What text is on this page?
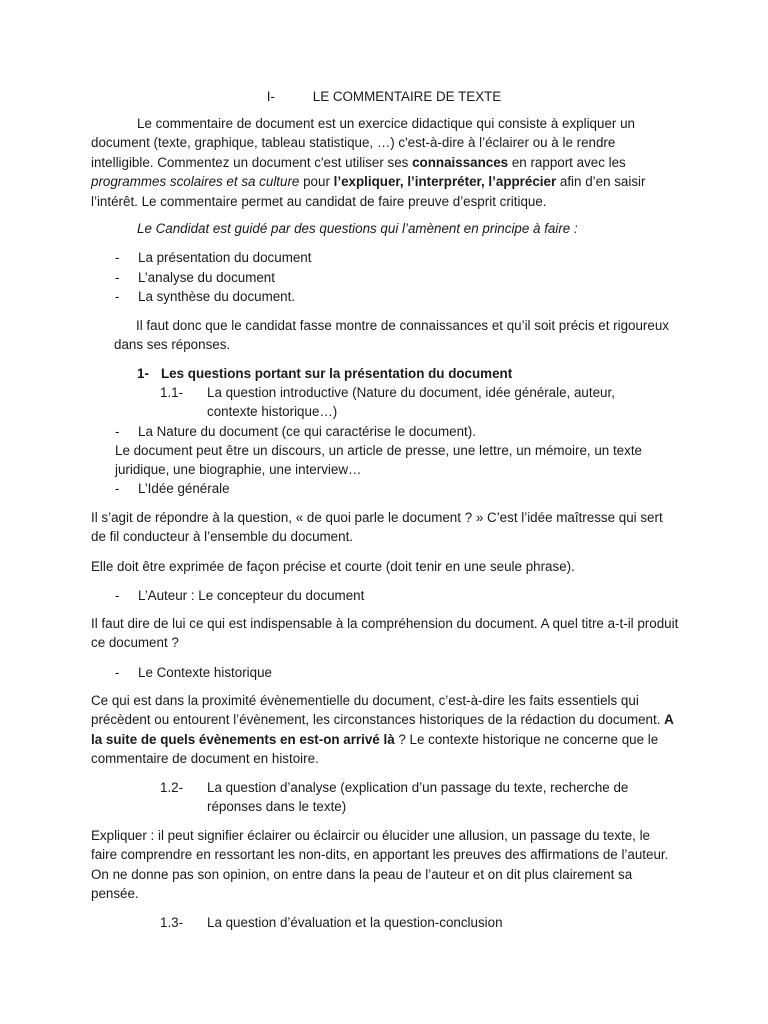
I-	LE COMMENTAIRE DE TEXTE

Le commentaire de document est un exercice didactique qui consiste à expliquer un document (texte, graphique, tableau statistique, …) c'est-à-dire à l’éclairer ou à le rendre intelligible. Commentez un document c'est utiliser ses connaissances en rapport avec les programmes scolaires et sa culture pour l’expliquer, l’interpréter, l’apprécier afin d’en saisir l’intérêt. Le commentaire permet au candidat de faire preuve d’esprit critique.

Le Candidat est guidé par des questions qui l’amènent en principe à faire :

- La présentation du document
- L’analyse du document
- La synthèse du document.

Il faut donc que le candidat fasse montre de connaissances et qu’il soit précis et rigoureux dans ses réponses.

1- Les questions portant sur la présentation du document
1.1- La question introductive (Nature du document, idée générale, auteur, contexte historique…)
- La Nature du document (ce qui caractérise le document).

Le document peut être un discours, un article de presse, une lettre, un mémoire, un texte juridique, une biographie, une interview…

- L’Idée générale

Il s’agit de répondre à la question, « de quoi parle le document ? » C’est l’idée maîtresse qui sert de fil conducteur à l’ensemble du document.

Elle doit être exprimée de façon précise et courte (doit tenir en une seule phrase).

- L’Auteur : Le concepteur du document

Il faut dire de lui ce qui est indispensable à la compréhension du document. A quel titre a-t-il produit ce document ?

- Le Contexte historique

Ce qui est dans la proximité évènementielle du document, c’est-à-dire les faits essentiels qui précèdent ou entourent l’évènement, les circonstances historiques de la rédaction du document. A la suite de quels évènements en est-on arrivé là ? Le contexte historique ne concerne que le commentaire de document en histoire.

1.2- La question d’analyse (explication d’un passage du texte, recherche de réponses dans le texte)

Expliquer : il peut signifier éclairer ou éclaircir ou élucider une allusion, un passage du texte, le faire comprendre en ressortant les non-dits, en apportant les preuves des affirmations de l’auteur. On ne donne pas son opinion, on entre dans la peau de l’auteur et on dit plus clairement sa pensée.

1.3- La question d’évaluation et la question-conclusion
